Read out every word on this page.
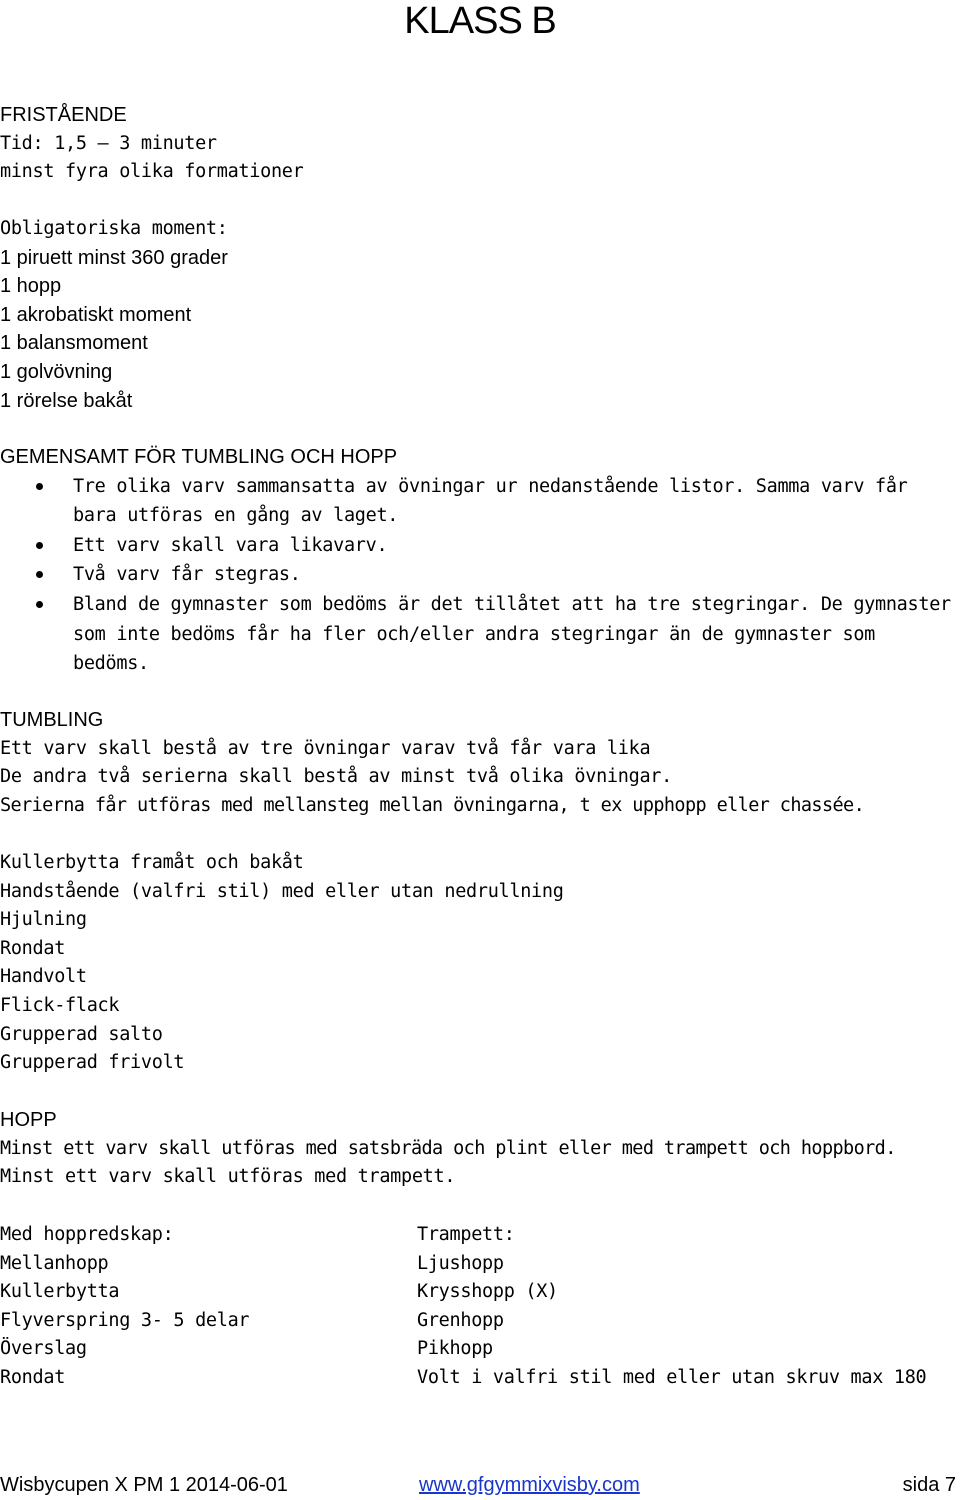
KLASS B
FRISTÅENDE
Tid: 1,5 – 3 minuter
minst fyra olika formationer
Obligatoriska moment:
1 piruett minst 360 grader
1 hopp
1 akrobatiskt moment
1 balansmoment
1 golvövning
1 rörelse bakåt
GEMENSAMT FÖR TUMBLING OCH HOPP
Tre olika varv sammansatta av övningar ur nedanstående listor. Samma varv får bara utföras en gång av laget.
Ett varv skall vara likavarv.
Två varv får stegras.
Bland de gymnaster som bedöms är det tillåtet att ha tre stegringar. De gymnaster som inte bedöms får ha fler och/eller andra stegringar än de gymnaster som bedöms.
TUMBLING
Ett varv skall bestå av tre övningar varav två får vara lika
De andra två serierna skall bestå av minst två olika övningar.
Serierna får utföras med mellansteg mellan övningarna, t ex upphopp eller chassée.
Kullerbytta framåt och bakåt
Handstående (valfri stil) med eller utan nedrullning
Hjulning
Rondat
Handvolt
Flick-flack
Grupperad salto
Grupperad frivolt
HOPP
Minst ett varv skall utföras med satsbräda och plint eller med trampett och hoppbord.
Minst ett varv skall utföras med trampett.
Med hoppredskap:
Mellanhopp
Kullerbytta
Flyverspring 3- 5 delar
Överslag
Rondat
Trampett:
Ljushopp
Krysshopp (X)
Grenhopp
Pikhopp
Volt i valfri stil med eller utan skruv max 180
Wisbycupen X PM 1 2014-06-01	www.gfgymmixvisby.com	sida 7
